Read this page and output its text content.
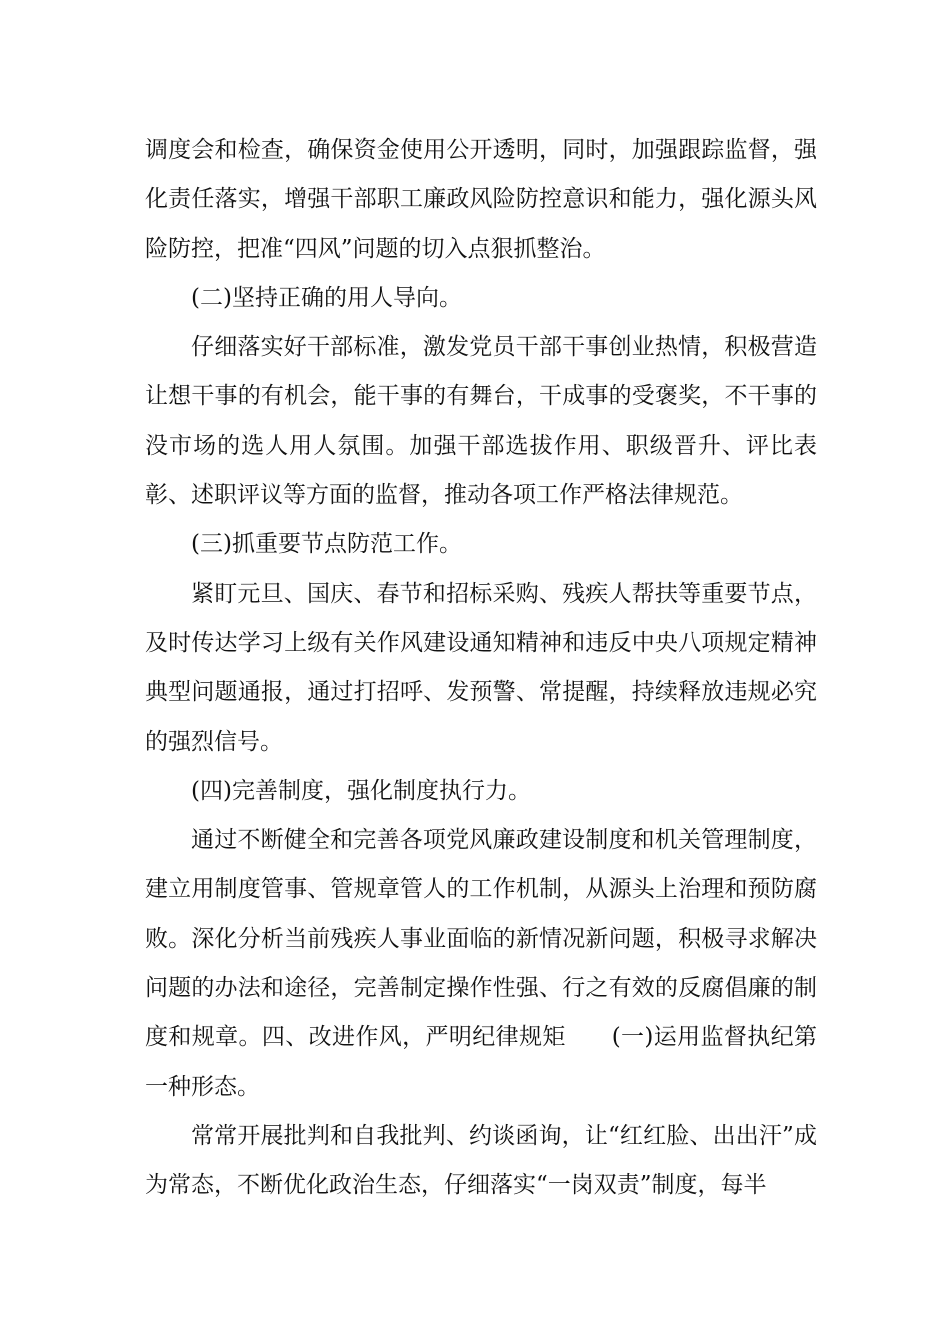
调度会和检查，确保资金使用公开透明，同时，加强跟踪监督，强化责任落实，增强干部职工廉政风险防控意识和能力，强化源头风险防控，把准“四风”问题的切入点狠抓整治。

(二)坚持正确的用人导向。

仔细落实好干部标准，激发党员干部干事创业热情，积极营造让想干事的有机会，能干事的有舞台，干成事的受褒奖，不干事的没市场的选人用人氛围。加强干部选拔作用、职级晋升、评比表彰、述职评议等方面的监督，推动各项工作严格法律规范。

(三)抓重要节点防范工作。

紧盯元旦、国庆、春节和招标采购、残疾人帮扶等重要节点，及时传达学习上级有关作风建设通知精神和违反中央八项规定精神典型问题通报，通过打招呼、发预警、常提醒，持续释放违规必究的强烈信号。

(四)完善制度，强化制度执行力。

通过不断健全和完善各项党风廉政建设制度和机关管理制度，建立用制度管事、管规章管人的工作机制，从源头上治理和预防腐败。深化分析当前残疾人事业面临的新情况新问题，积极寻求解决问题的办法和途径，完善制定操作性强、行之有效的反腐倡廉的制度和规章。四、改进作风，严明纪律规矩 (一)运用监督执纪第一种形态。

常常开展批判和自我批判、约谈函询，让“红红脸、出出汗”成为常态，不断优化政治生态，仔细落实“一岗双责”制度，每半
